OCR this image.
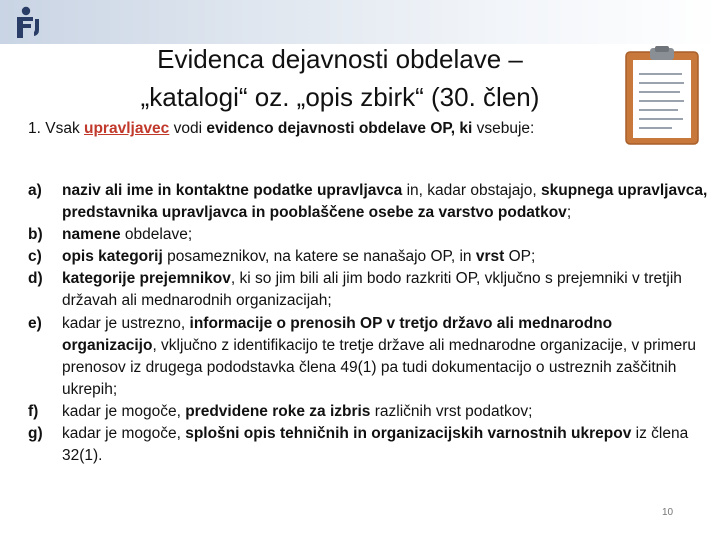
Evidenca dejavnosti obdelave –
„katalogi“ oz. „opis zbirk“ (30. člen)
1. Vsak upravljavec vodi evidenco dejavnosti obdelave OP, ki vsebuje:
a) naziv ali ime in kontaktne podatke upravljavca in, kadar obstajajo, skupnega upravljavca, predstavnika upravljavca in pooblaščene osebe za varstvo podatkov;
b) namene obdelave;
c) opis kategorij posameznikov, na katere se nanašajo OP, in vrst OP;
d) kategorije prejemnikov, ki so jim bili ali jim bodo razkriti OP, vključno s prejemniki v tretjih državah ali mednarodnih organizacijah;
e) kadar je ustrezno, informacije o prenosih OP v tretjo državo ali mednarodno organizacijo, vključno z identifikacijo te tretje države ali mednarodne organizacije, v primeru prenosov iz drugega pododstavka člena 49(1) pa tudi dokumentacijo o ustreznih zaščitnih ukrepih;
f) kadar je mogoče, predvidene roke za izbris različnih vrst podatkov;
g) kadar je mogoče, splošni opis tehničnih in organizacijskih varnostnih ukrepov iz člena 32(1).
10
